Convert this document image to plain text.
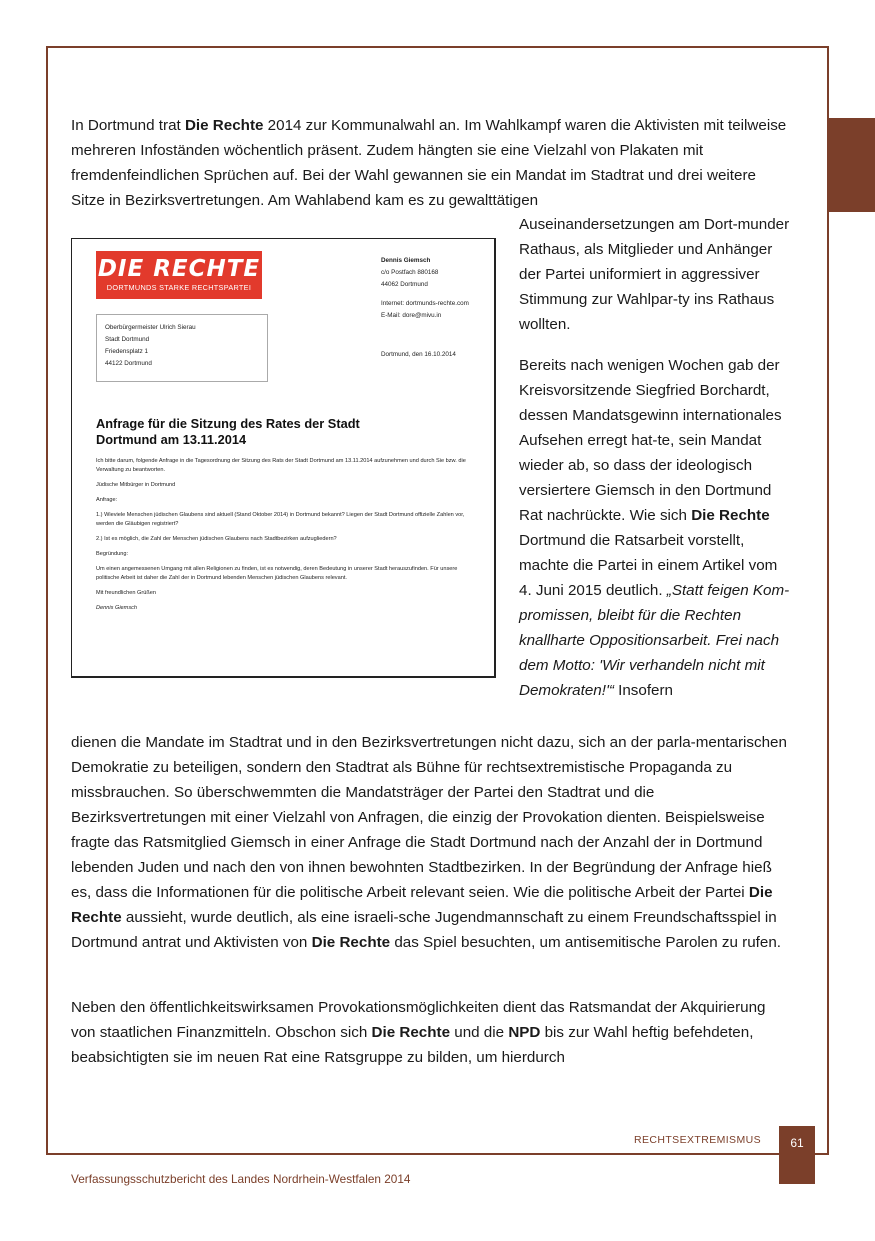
In Dortmund trat Die Rechte 2014 zur Kommunalwahl an. Im Wahlkampf waren die Aktivisten mit teilweise mehreren Infoständen wöchentlich präsent. Zudem hängten sie eine Vielzahl von Plakaten mit fremdenfeindlichen Sprüchen auf. Bei der Wahl gewannen sie ein Mandat im Stadtrat und drei weitere Sitze in Bezirksvertretungen. Am Wahlabend kam es zu gewalttätigen

Auseinandersetzungen am Dort-munder Rathaus, als Mitglieder und Anhänger der Partei uniformiert in aggressiver Stimmung zur Wahlpar-ty ins Rathaus wollten.

Bereits nach wenigen Wochen gab der Kreisvorsitzende Siegfried Borchardt, dessen Mandatsgewinn internationales Aufsehen erregt hat-te, sein Mandat wieder ab, so dass der ideologisch versiertere Giemsch in den Dortmund Rat nachrückte. Wie sich Die Rechte Dortmund die Ratsarbeit vorstellt, machte die Partei in einem Artikel vom 4. Juni 2015 deutlich. „Statt feigen Kom-promissen, bleibt für die Rechten knallharte Oppositionsarbeit. Frei nach dem Motto: 'Wir verhandeln nicht mit Demokraten!'“ Insofern

DIE RECHTE
DORTMUNDS STARKE RECHTSPARTEI
Oberbürgermeister Ulrich Sierau
Stadt Dortmund
Friedensplatz 1
44122 Dortmund
Dennis Giemsch
c/o Postfach 880168
44062 Dortmund
Internet: dortmunds-rechte.com
E-Mail: dore@mivu.in
Dortmund, den 16.10.2014
Anfrage für die Sitzung des Rates der Stadt Dortmund am 13.11.2014
Ich bitte darum, folgende Anfrage in die Tagesordnung der Sitzung des Rats der Stadt Dortmund am 13.11.2014 aufzunehmen und durch Sie bzw. die Verwaltung zu beantworten.
Jüdische Mitbürger in Dortmund
Anfrage:
1.) Wieviele Menschen jüdischen Glaubens sind aktuell (Stand Oktober 2014) in Dortmund bekannt? Liegen der Stadt Dortmund offizielle Zahlen vor, werden die Gläubigen registriert?
2.) Ist es möglich, die Zahl der Menschen jüdischen Glaubens nach Stadtbezirken aufzugliedern?
Begründung:
Um einen angemessenen Umgang mit allen Religionen zu finden, ist es notwendig, deren Bedeutung in unserer Stadt herauszufinden. Für unsere politische Arbeit ist daher die Zahl der in Dortmund lebenden Menschen jüdischen Glaubens relevant.
Mit freundlichen Grüßen
Dennis Giemsch

dienen die Mandate im Stadtrat und in den Bezirksvertretungen nicht dazu, sich an der parla-mentarischen Demokratie zu beteiligen, sondern den Stadtrat als Bühne für rechtsextremistische Propaganda zu missbrauchen. So überschwemmten die Mandatsträger der Partei den Stadtrat und die Bezirksvertretungen mit einer Vielzahl von Anfragen, die einzig der Provokation dienten. Beispielsweise fragte das Ratsmitglied Giemsch in einer Anfrage die Stadt Dortmund nach der Anzahl der in Dortmund lebenden Juden und nach den von ihnen bewohnten Stadtbezirken. In der Begründung der Anfrage hieß es, dass die Informationen für die politische Arbeit relevant seien. Wie die politische Arbeit der Partei Die Rechte aussieht, wurde deutlich, als eine israeli-sche Jugendmannschaft zu einem Freundschaftsspiel in Dortmund antrat und Aktivisten von Die Rechte das Spiel besuchten, um antisemitische Parolen zu rufen.

Neben den öffentlichkeitswirksamen Provokationsmöglichkeiten dient das Ratsmandat der Akquirierung von staatlichen Finanzmitteln. Obschon sich Die Rechte und die NPD bis zur Wahl heftig befehdeten, beabsichtigten sie im neuen Rat eine Ratsgruppe zu bilden, um hierdurch

RECHTSEXTREMISMUS	61
Verfassungsschutzbericht des Landes Nordrhein-Westfalen 2014
